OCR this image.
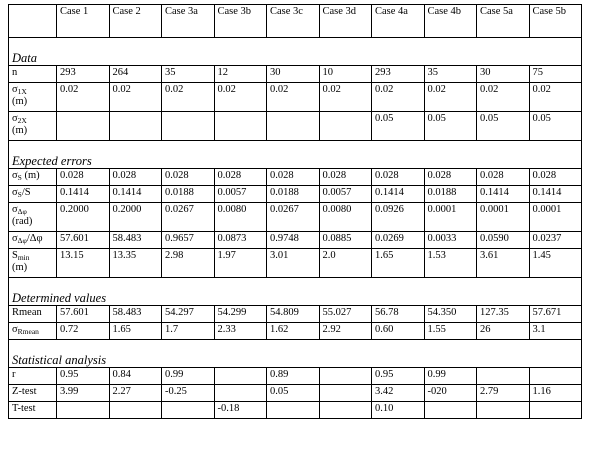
	Case 1	Case 2	Case 3a	Case 3b	Case 3c	Case 3d	Case 4a	Case 4b	Case 5a	Case 5b
Data										
n	293	264	35	12	30	10	293	35	30	75
$\sigma_{1X}$
(m)	0.02	0.02	0.02	0.02	0.02	0.02	0.02	0.02	0.02	0.02
$\sigma_{2X}$
(m)							0.05	0.05	0.05	0.05
Expected errors										
$\sigma_S$ (m)	0.028	0.028	0.028	0.028	0.028	0.028	0.028	0.028	0.028	0.028
$\sigma_S/S$	0.1414	0.1414	0.0188	0.0057	0.0188	0.0057	0.1414	0.0188	0.1414	0.1414
$\sigma_{\Delta\varphi}$
(rad)	0.2000	0.2000	0.0267	0.0080	0.0267	0.0080	0.0926	0.0001	0.0001	0.0001
$\sigma_{\Delta\varphi}/\Delta\varphi$	57.601	58.483	0.9657	0.0873	0.9748	0.0885	0.0269	0.0033	0.0590	0.0237
$S_{min}$
(m)	13.15	13.35	2.98	1.97	3.01	2.0	1.65	1.53	3.61	1.45
Determined values										
Rmean	57.601	58.483	54.297	54.299	54.809	55.027	56.78	54.350	127.35	57.671
$\sigma_{Rmean}$	0.72	1.65	1.7	2.33	1.62	2.92	0.60	1.55	26	3.1
Statistical analysis										
r	0.95	0.84	0.99		0.89		0.95	0.99		
Z-test	3.99	2.27	-0.25		0.05		3.42	-020	2.79	1.16
T-test				-0.18			0.10			
